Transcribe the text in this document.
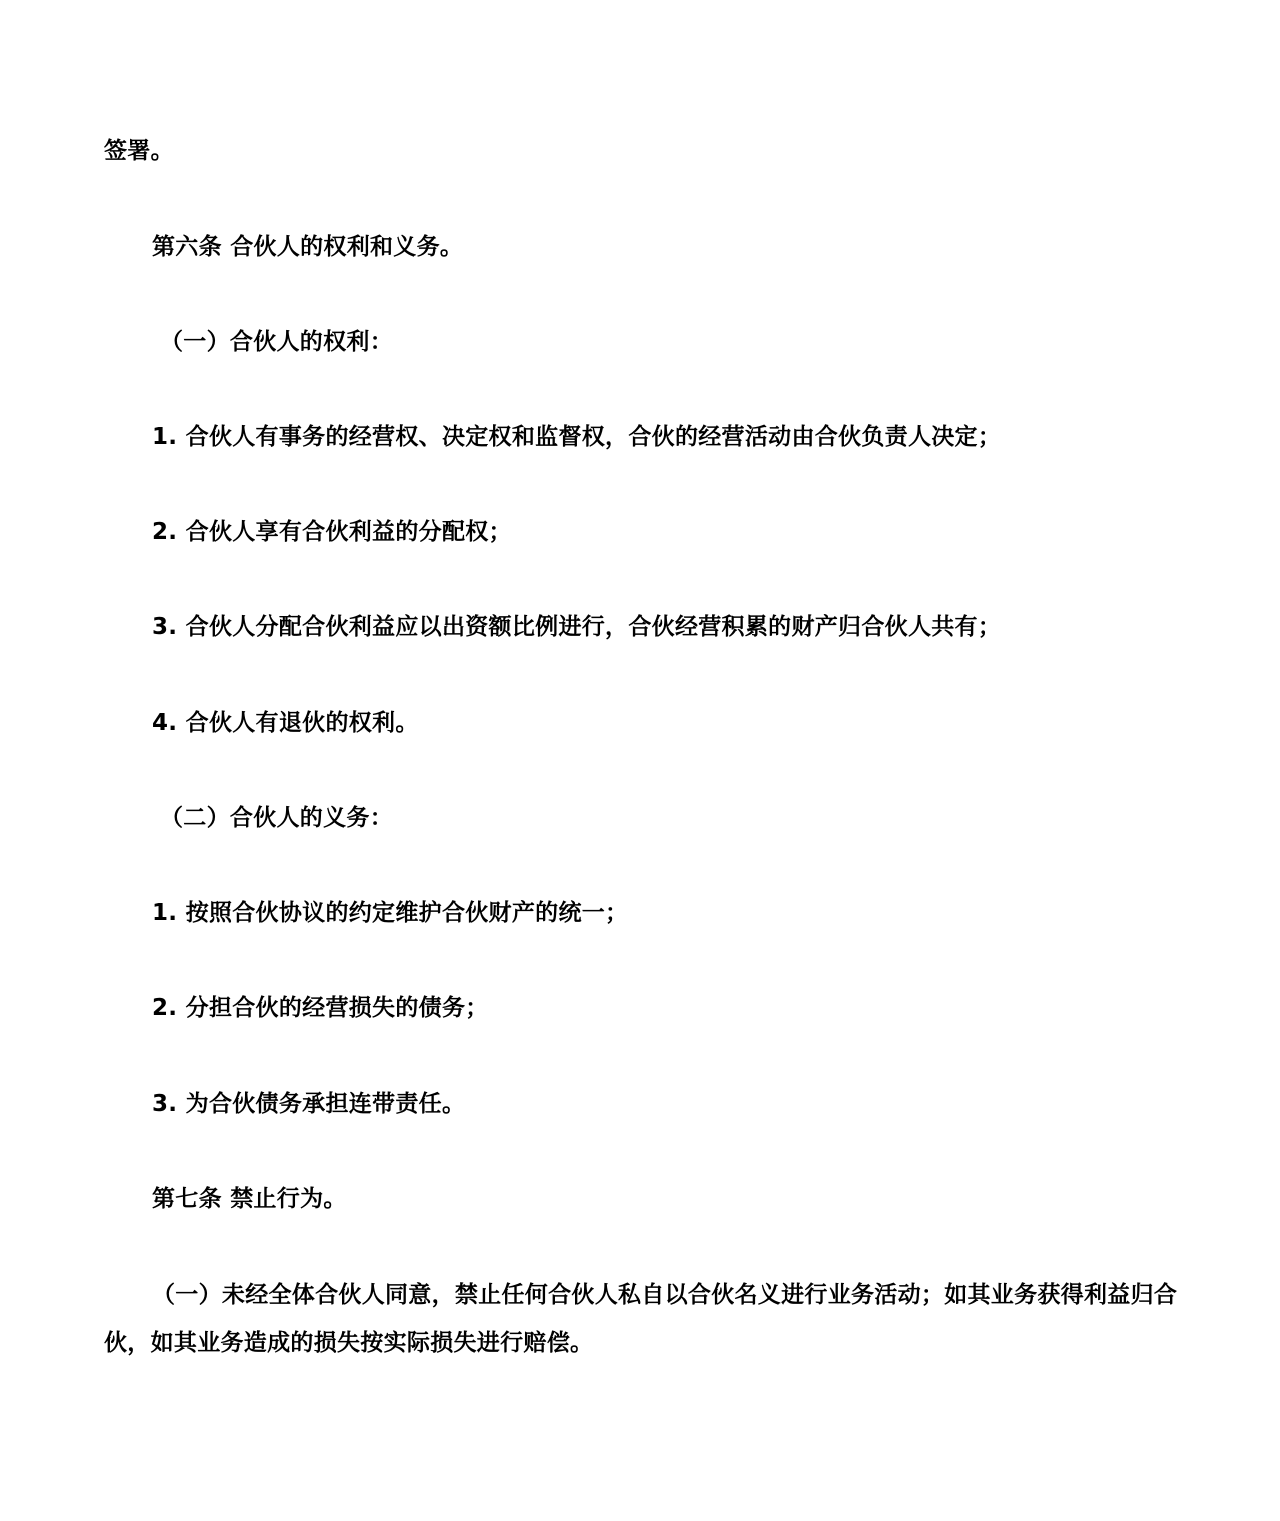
签署。

第六条 合伙人的权利和义务。

（一）合伙人的权利：

1. 合伙人有事务的经营权、决定权和监督权，合伙的经营活动由合伙负责人决定；

2. 合伙人享有合伙利益的分配权；

3. 合伙人分配合伙利益应以出资额比例进行，合伙经营积累的财产归合伙人共有；

4. 合伙人有退伙的权利。

（二）合伙人的义务：

1. 按照合伙协议的约定维护合伙财产的统一；

2. 分担合伙的经营损失的债务；

3. 为合伙债务承担连带责任。

第七条 禁止行为。

（一）未经全体合伙人同意，禁止任何合伙人私自以合伙名义进行业务活动；如其业务获得利益归合伙，如其业务造成的损失按实际损失进行赔偿。
